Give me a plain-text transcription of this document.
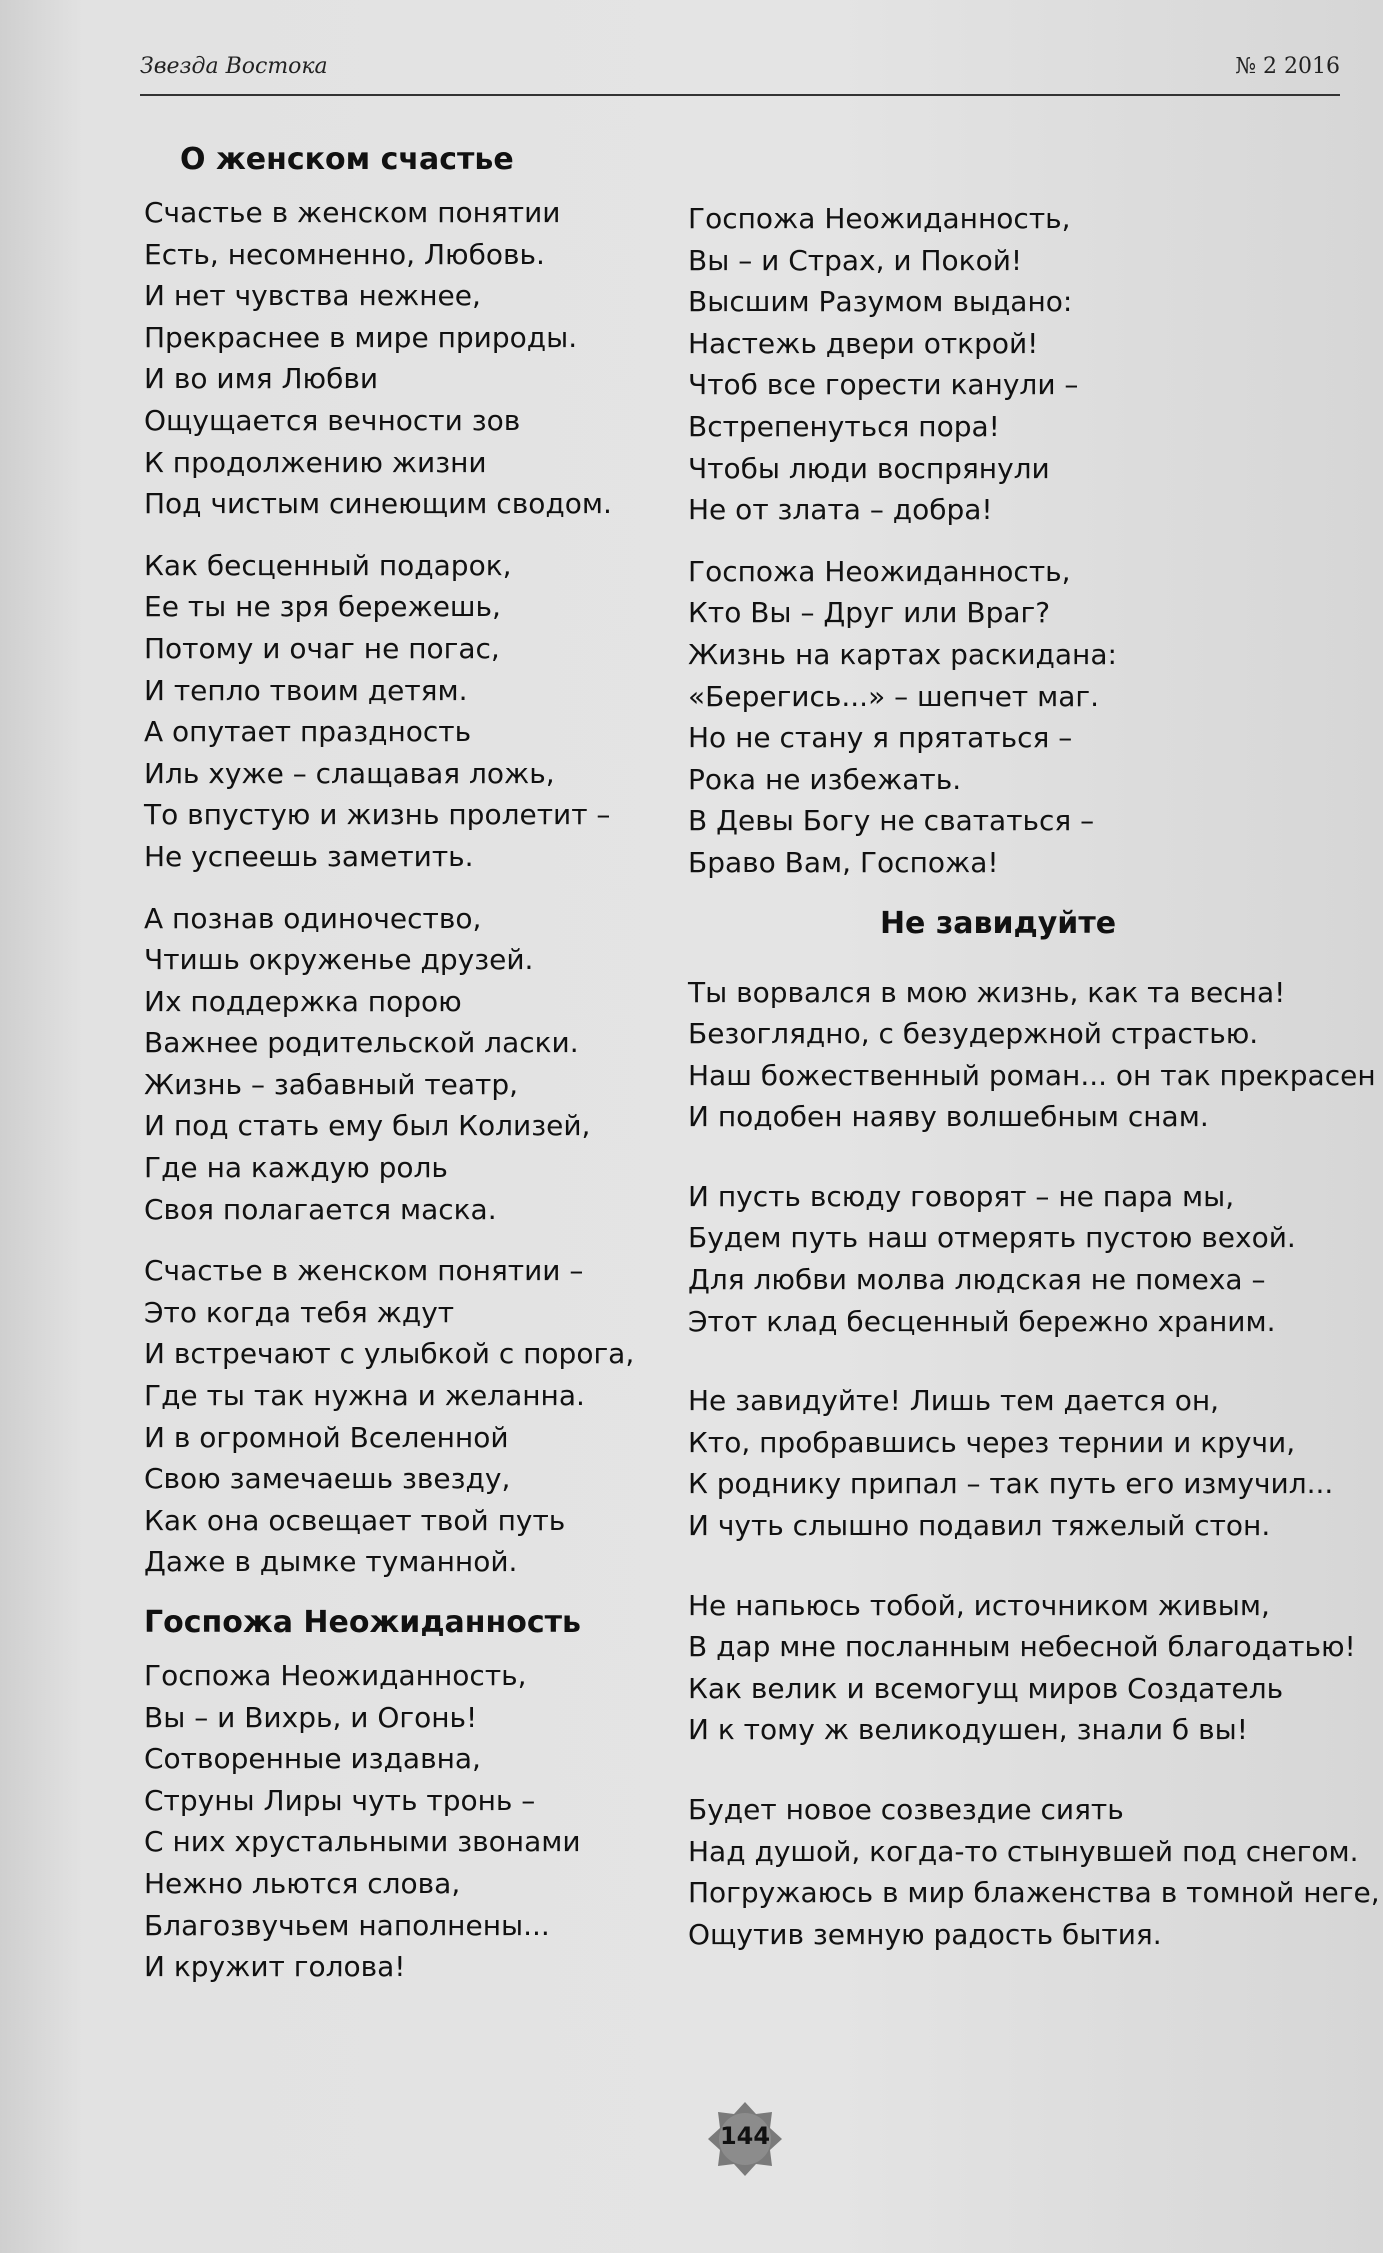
Звезда Востока	№ 2 2016
О женском счастье
Счастье в женском понятии
Есть, несомненно, Любовь.
И нет чувства нежнее,
Прекраснее в мире природы.
И во имя Любви
Ощущается вечности зов
К продолжению жизни
Под чистым синеющим сводом.
Как бесценный подарок,
Ее ты не зря бережешь,
Потому и очаг не погас,
И тепло твоим детям.
А опутает праздность
Иль хуже – слащавая ложь,
То впустую и жизнь пролетит –
Не успеешь заметить.
А познав одиночество,
Чтишь окруженье друзей.
Их поддержка порою
Важнее родительской ласки.
Жизнь – забавный театр,
И под стать ему был Колизей,
Где на каждую роль
Своя полагается маска.
Счастье в женском понятии –
Это когда тебя ждут
И встречают с улыбкой с порога,
Где ты так нужна и желанна.
И в огромной Вселенной
Свою замечаешь звезду,
Как она освещает твой путь
Даже в дымке туманной.
Госпожа Неожиданность
Госпожа Неожиданность,
Вы – и Вихрь, и Огонь!
Сотворенные издавна,
Струны Лиры чуть тронь –
С них хрустальными звонами
Нежно льются слова,
Благозвучьем наполнены...
И кружит голова!
Госпожа Неожиданность,
Вы – и Страх, и Покой!
Высшим Разумом выдано:
Настежь двери открой!
Чтоб все горести канули –
Встрепенуться пора!
Чтобы люди воспрянули
Не от злата – добра!
Госпожа Неожиданность,
Кто Вы – Друг или Враг?
Жизнь на картах раскидана:
«Берегись...» – шепчет маг.
Но не стану я прятаться –
Рока не избежать.
В Девы Богу не свататься –
Браво Вам, Госпожа!
Не завидуйте
Ты ворвался в мою жизнь, как та весна!
Безоглядно, с безудержной страстью.
Наш божественный роман... он так прекрасен
И подобен наяву волшебным снам.
И пусть всюду говорят – не пара мы,
Будем путь наш отмерять пустою вехой.
Для любви молва людская не помеха –
Этот клад бесценный бережно храним.
Не завидуйте! Лишь тем дается он,
Кто, пробравшись через тернии и кручи,
К роднику припал – так путь его измучил...
И чуть слышно подавил тяжелый стон.
Не напьюсь тобой, источником живым,
В дар мне посланным небесной благодатью!
Как велик и всемогущ миров Создатель
И к тому ж великодушен, знали б вы!
Будет новое созвездие сиять
Над душой, когда-то стынувшей под снегом.
Погружаюсь в мир блаженства в томной неге,
Ощутив земную радость бытия.
144
